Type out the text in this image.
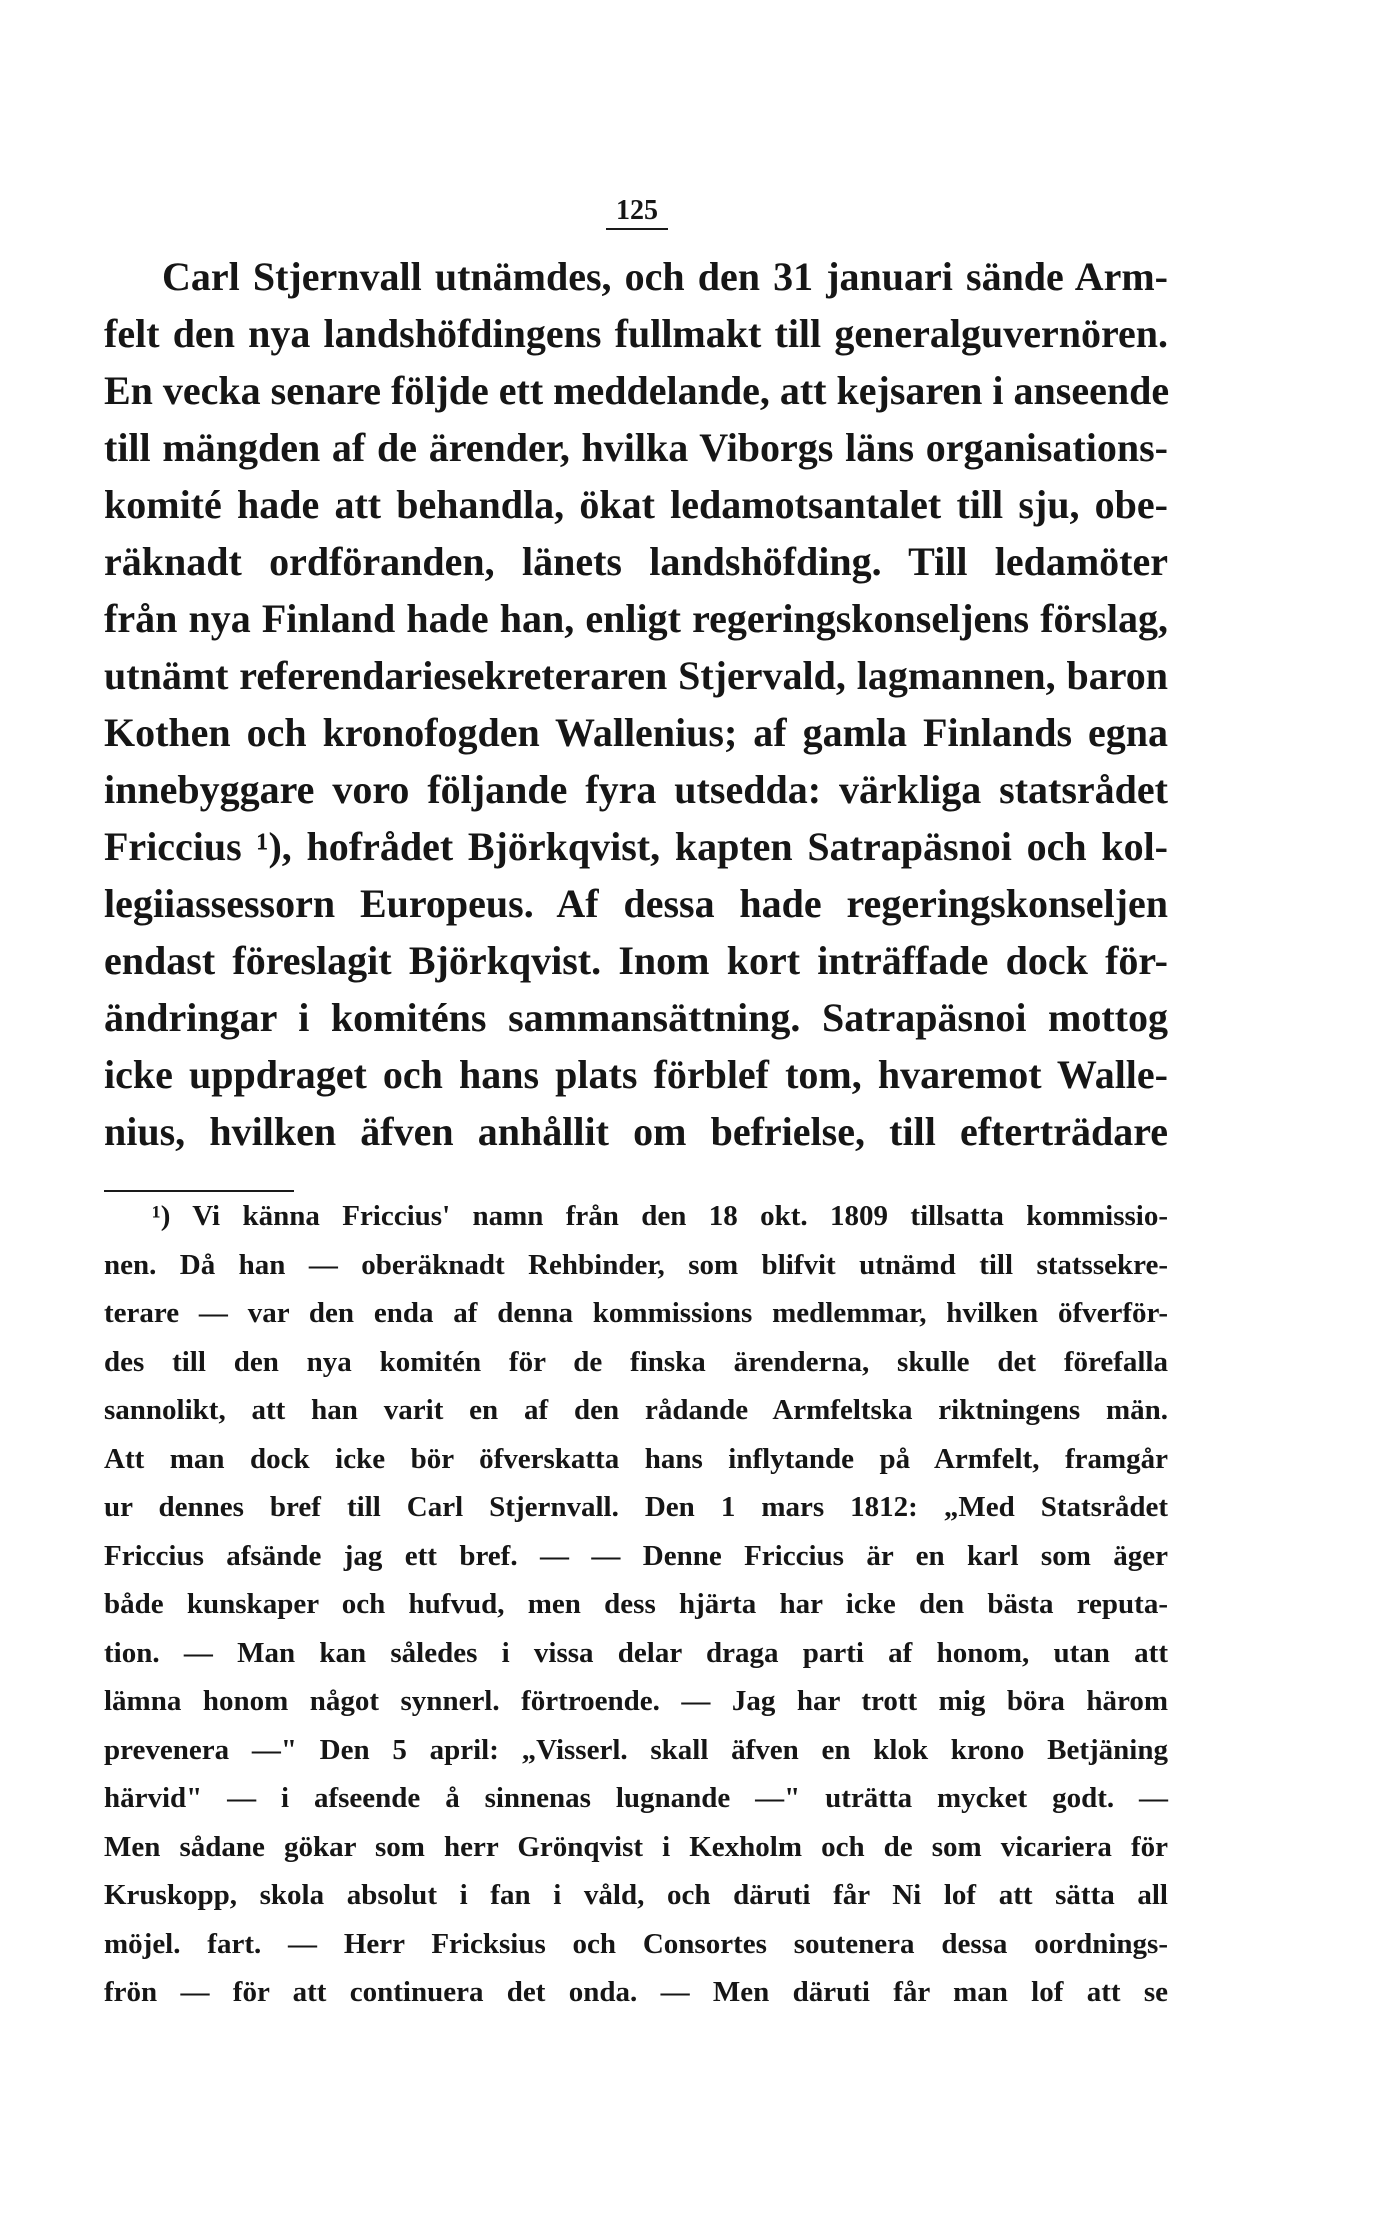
125
Carl Stjernvall utnämdes, och den 31 januari sände Arm-
felt den nya landshöfdingens fullmakt till generalguvernören.
En vecka senare följde ett meddelande, att kejsaren i anseende
till mängden af de ärender, hvilka Viborgs läns organisations-
komité hade att behandla, ökat ledamotsantalet till sju, obe-
räknadt ordföranden, länets landshöfding. Till ledamöter
från nya Finland hade han, enligt regeringskonseljens förslag,
utnämt referendariesekreteraren Stjervald, lagmannen, baron
Kothen och kronofogden Wallenius; af gamla Finlands egna
innebyggare voro följande fyra utsedda: värkliga statsrådet
Friccius ¹), hofrådet Björkqvist, kapten Satrapäsnoi och kol-
legiiassessorn Europeus. Af dessa hade regeringskonseljen
endast föreslagit Björkqvist. Inom kort inträffade dock för-
ändringar i komiténs sammansättning. Satrapäsnoi mottog
icke uppdraget och hans plats förblef tom, hvaremot Walle-
nius, hvilken äfven anhållit om befrielse, till efterträdare
¹) Vi känna Friccius' namn från den 18 okt. 1809 tillsatta kommissio-
nen. Då han — oberäknadt Rehbinder, som blifvit utnämd till statssekre-
terare — var den enda af denna kommissions medlemmar, hvilken öfverför-
des till den nya komitén för de finska ärenderna, skulle det förefalla
sannolikt, att han varit en af den rådande Armfeltska riktningens män.
Att man dock icke bör öfverskatta hans inflytande på Armfelt, framgår
ur dennes bref till Carl Stjernvall. Den 1 mars 1812: „Med Statsrådet
Friccius afsände jag ett bref. — — Denne Friccius är en karl som äger
både kunskaper och hufvud, men dess hjärta har icke den bästa reputa-
tion. — Man kan således i vissa delar draga parti af honom, utan att
lämna honom något synnerl. förtroende. — Jag har trott mig böra härom
prevenera —" Den 5 april: „Visserl. skall äfven en klok krono Betjäning
härvid" — i afseende å sinnenas lugnande —" uträtta mycket godt. —
Men sådane gökar som herr Grönqvist i Kexholm och de som vicariera för
Kruskopp, skola absolut i fan i våld, och däruti får Ni lof att sätta all
möjel. fart. — Herr Fricksius och Consortes soutenera dessa oordnings-
frön — för att continuera det onda. — Men däruti får man lof att se
